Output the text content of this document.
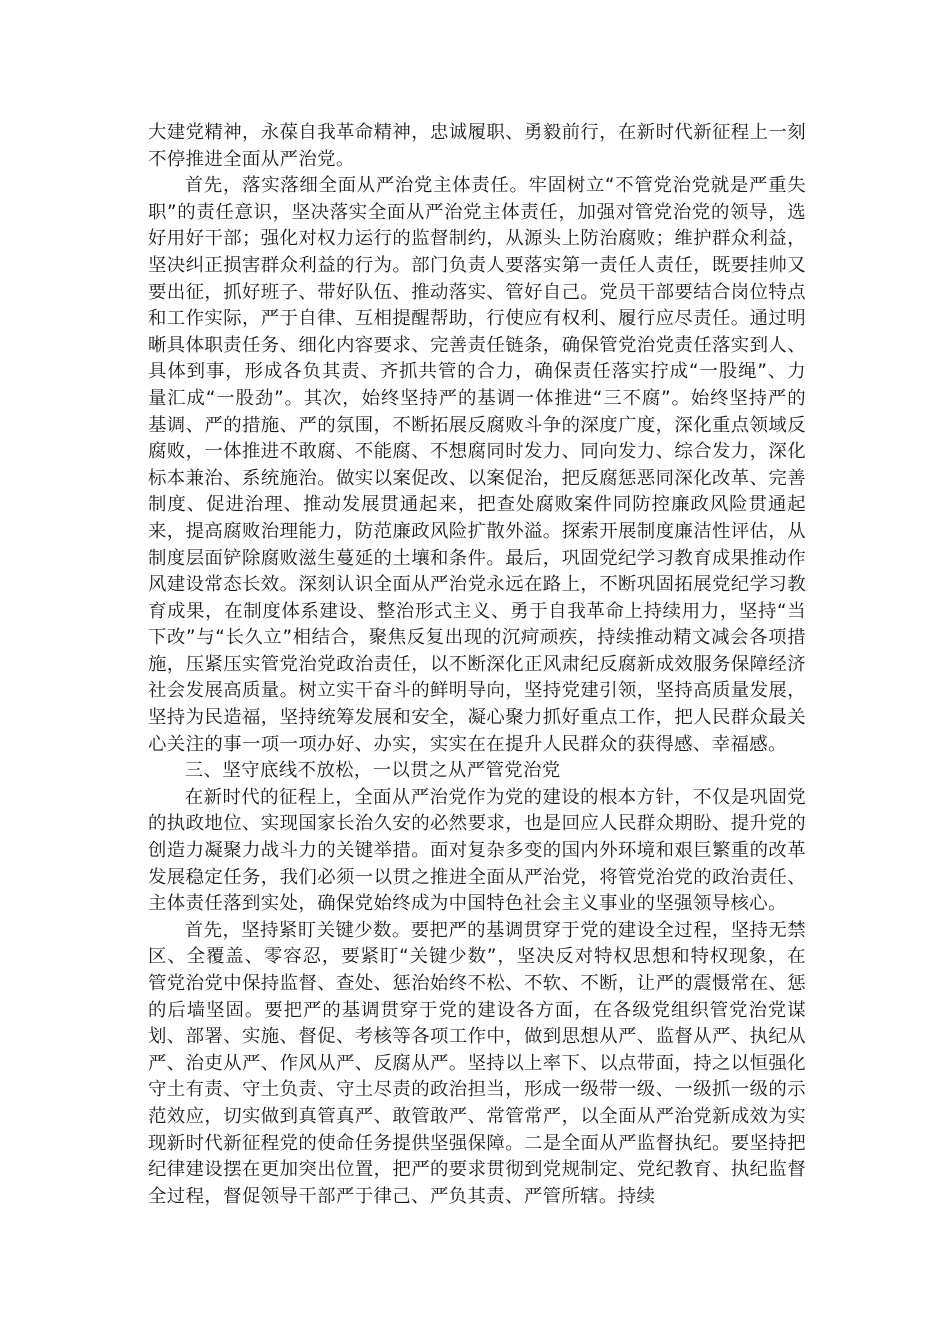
大建党精神，永葆自我革命精神，忠诚履职、勇毅前行，在新时代新征程上一刻不停推进全面从严治党。

首先，落实落细全面从严治党主体责任。牢固树立“不管党治党就是严重失职”的责任意识，坚决落实全面从严治党主体责任，加强对管党治党的领导，选好用好干部；强化对权力运行的监督制约，从源头上防治腐败；维护群众利益，坚决纠正损害群众利益的行为。部门负责人要落实第一责任人责任，既要挂帅又要出征，抓好班子、带好队伍、推动落实、管好自己。党员干部要结合岗位特点和工作实际，严于自律、互相提醒帮助，行使应有权利、履行应尽责任。通过明晰具体职责任务、细化内容要求、完善责任链条，确保管党治党责任落实到人、具体到事，形成各负其责、齐抓共管的合力，确保责任落实拧成“一股绳”、力量汇成“一股劲”。其次，始终坚持严的基调一体推进“三不腐”。始终坚持严的基调、严的措施、严的氛围，不断拓展反腐败斗争的深度广度，深化重点领域反腐败，一体推进不敢腐、不能腐、不想腐同时发力、同向发力、综合发力，深化标本兼治、系统施治。做实以案促改、以案促治，把反腐惩恶同深化改革、完善制度、促进治理、推动发展贯通起来，把查处腐败案件同防控廉政风险贯通起来，提高腐败治理能力，防范廉政风险扩散外溢。探索开展制度廉洁性评估，从制度层面铲除腐败滋生蔓延的土壤和条件。最后，巩固党纪学习教育成果推动作风建设常态长效。深刻认识全面从严治党永远在路上，不断巩固拓展党纪学习教育成果，在制度体系建设、整治形式主义、勇于自我革命上持续用力，坚持“当下改”与“长久立”相结合，聚焦反复出现的沉疴顽疾，持续推动精文减会各项措施，压紧压实管党治党政治责任，以不断深化正风肃纪反腐新成效服务保障经济社会发展高质量。树立实干奋斗的鲜明导向，坚持党建引领，坚持高质量发展，坚持为民造福，坚持统筹发展和安全，凝心聚力抓好重点工作，把人民群众最关心关注的事一项一项办好、办实，实实在在提升人民群众的获得感、幸福感。

三、坚守底线不放松，一以贯之从严管党治党

在新时代的征程上，全面从严治党作为党的建设的根本方针，不仅是巩固党的执政地位、实现国家长治久安的必然要求，也是回应人民群众期盼、提升党的创造力凝聚力战斗力的关键举措。面对复杂多变的国内外环境和艰巨繁重的改革发展稳定任务，我们必须一以贯之推进全面从严治党，将管党治党的政治责任、主体责任落到实处，确保党始终成为中国特色社会主义事业的坚强领导核心。

首先，坚持紧盯关键少数。要把严的基调贯穿于党的建设全过程，坚持无禁区、全覆盖、零容忍，要紧盯“关键少数”，坚决反对特权思想和特权现象，在管党治党中保持监督、查处、惩治始终不松、不软、不断，让严的震慑常在、惩的后墙坚固。要把严的基调贯穿于党的建设各方面，在各级党组织管党治党谋划、部署、实施、督促、考核等各项工作中，做到思想从严、监督从严、执纪从严、治吏从严、作风从严、反腐从严。坚持以上率下、以点带面，持之以恒强化守土有责、守土负责、守土尽责的政治担当，形成一级带一级、一级抓一级的示范效应，切实做到真管真严、敢管敢严、常管常严，以全面从严治党新成效为实现新时代新征程党的使命任务提供坚强保障。二是全面从严监督执纪。要坚持把纪律建设摆在更加突出位置，把严的要求贯彻到党规制定、党纪教育、执纪监督全过程，督促领导干部严于律己、严负其责、严管所辖。持续
